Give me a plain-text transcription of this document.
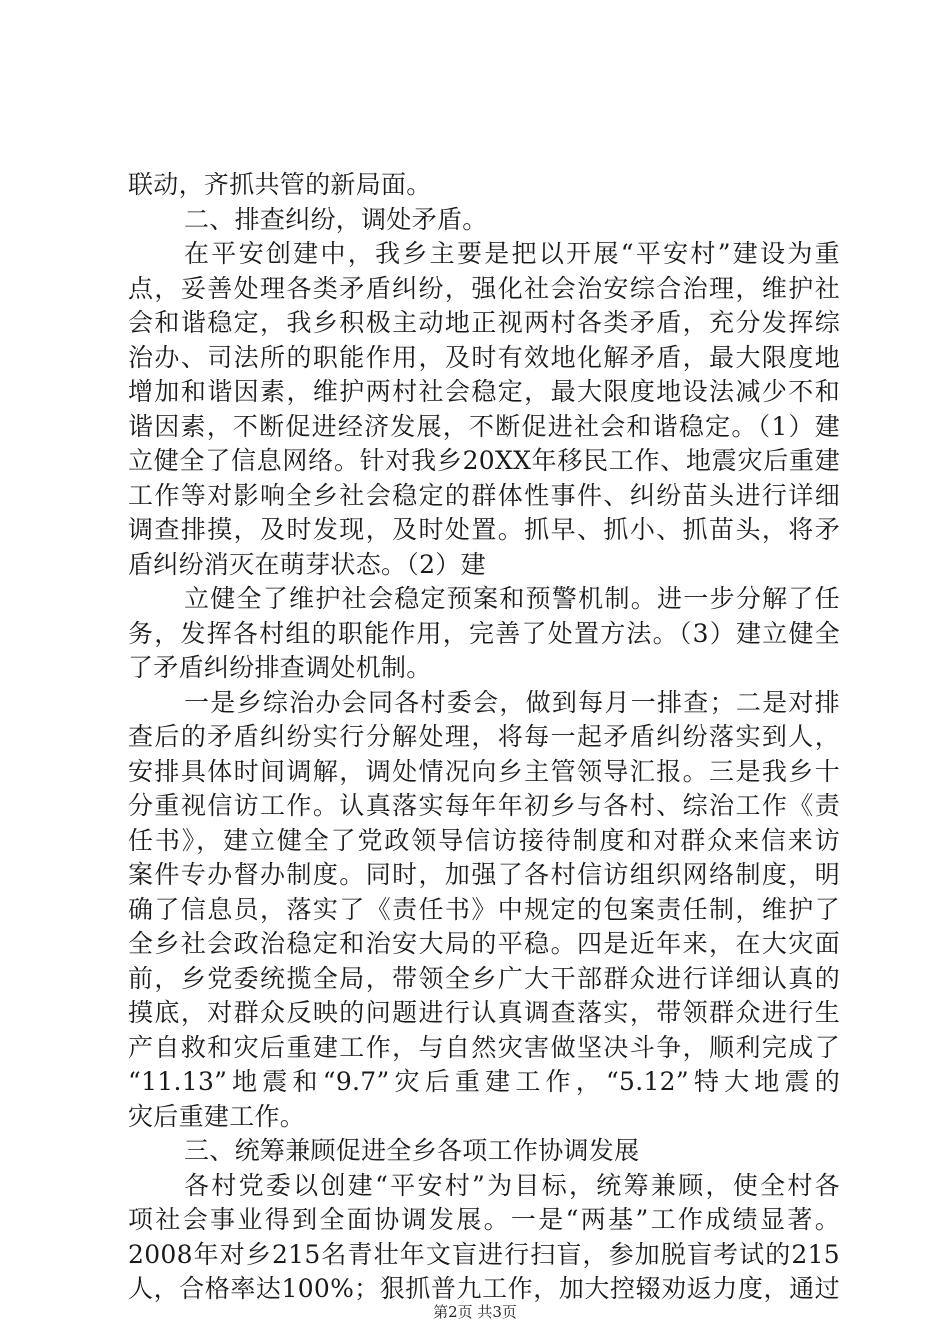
联动，齐抓共管的新局面。
二、排查纠纷，调处矛盾。
在平安创建中，我乡主要是把以开展“平安村”建设为重
点，妥善处理各类矛盾纠纷，强化社会治安综合治理，维护社
会和谐稳定，我乡积极主动地正视两村各类矛盾，充分发挥综
治办、司法所的职能作用，及时有效地化解矛盾，最大限度地
增加和谐因素，维护两村社会稳定，最大限度地设法减少不和
谐因素，不断促进经济发展，不断促进社会和谐稳定。（1）建
立健全了信息网络。针对我乡20XX年移民工作、地震灾后重建
工作等对影响全乡社会稳定的群体性事件、纠纷苗头进行详细
调查排摸，及时发现，及时处置。抓早、抓小、抓苗头，将矛
盾纠纷消灭在萌芽状态。（2）建
立健全了维护社会稳定预案和预警机制。进一步分解了任
务，发挥各村组的职能作用，完善了处置方法。（3）建立健全
了矛盾纠纷排查调处机制。
一是乡综治办会同各村委会，做到每月一排查；二是对排
查后的矛盾纠纷实行分解处理，将每一起矛盾纠纷落实到人，
安排具体时间调解，调处情况向乡主管领导汇报。三是我乡十
分重视信访工作。认真落实每年年初乡与各村、综治工作《责
任书》，建立健全了党政领导信访接待制度和对群众来信来访
案件专办督办制度。同时，加强了各村信访组织网络制度，明
确了信息员，落实了《责任书》中规定的包案责任制，维护了
全乡社会政治稳定和治安大局的平稳。四是近年来，在大灾面
前，乡党委统揽全局，带领全乡广大干部群众进行详细认真的
摸底，对群众反映的问题进行认真调查落实，带领群众进行生
产自救和灾后重建工作，与自然灾害做坚决斗争，顺利完成了
“11.13”地震和“9.7”灾后重建工作，“5.12”特大地震的
灾后重建工作。
三、统筹兼顾促进全乡各项工作协调发展
各村党委以创建“平安村”为目标，统筹兼顾，使全村各
项社会事业得到全面协调发展。一是“两基”工作成绩显著。
2008年对乡215名青壮年文盲进行扫盲，参加脱盲考试的215
人，合格率达100%；狠抓普九工作，加大控辍劝返力度，通过
第2页 共3页
